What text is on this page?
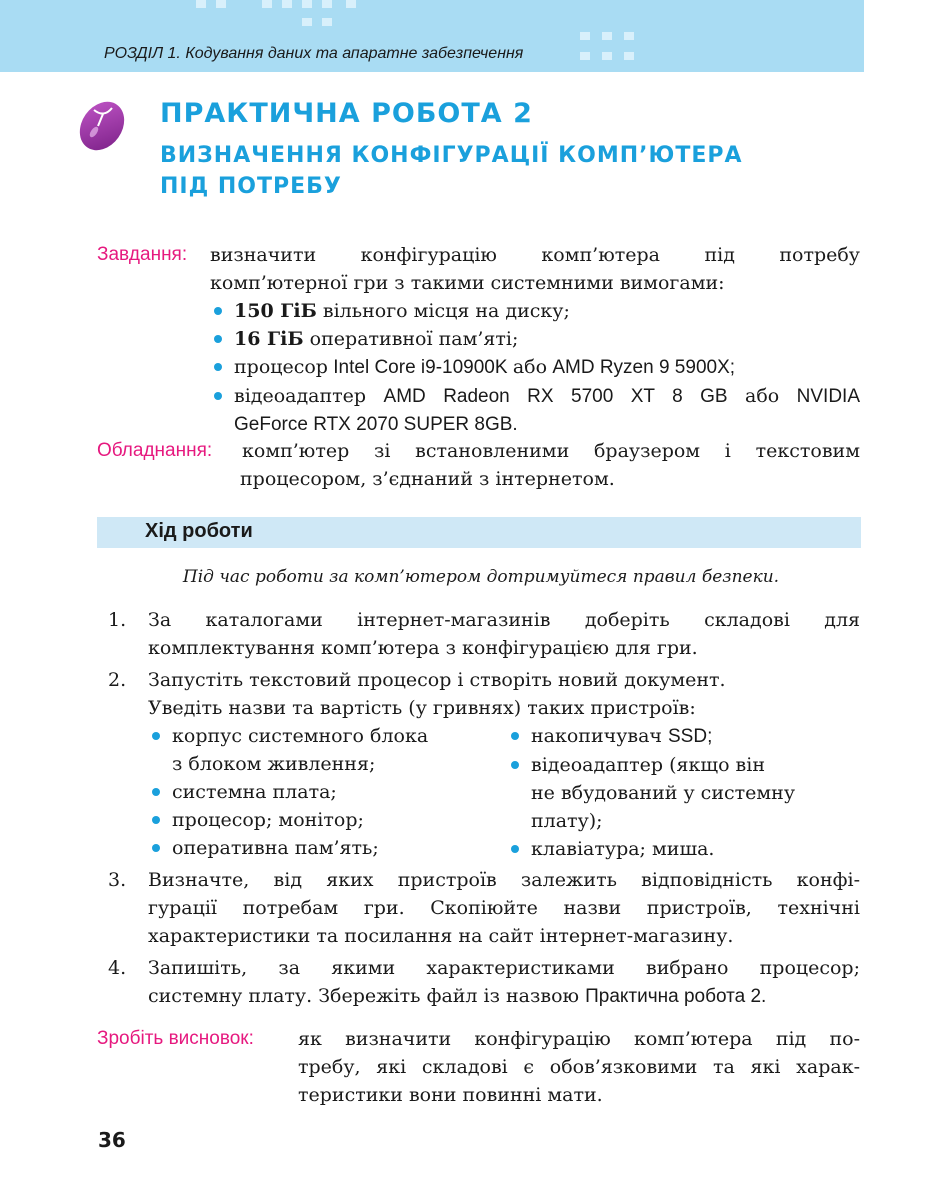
РОЗДІЛ 1. Кодування даних та апаратне забезпечення
ПРАКТИЧНА РОБОТА 2
ВИЗНАЧЕННЯ КОНФІГУРАЦІЇ КОМП’ЮТЕРА
ПІД ПОТРЕБУ
Завдання: визначити конфігурацію комп’ютера під потребу
комп’ютерної гри з такими системними вимогами:
150 ГіБ вільного місця на диску;
16 ГіБ оперативної пам’яті;
процесор Intel Core i9-10900K або AMD Ryzen 9 5900X;
відеоадаптер AMD Radeon RX 5700 XT 8 GB або NVIDIA
GeForce RTX 2070 SUPER 8GB.
Обладнання: комп’ютер зі встановленими браузером і текстовим
процесором, з’єднаний з інтернетом.
Хід роботи
Під час роботи за комп’ютером дотримуйтеся правил безпеки.
1. За каталогами інтернет-магазинів доберіть складові для
комплектування комп’ютера з конфігурацією для гри.
2. Запустіть текстовий процесор і створіть новий документ.
Уведіть назви та вартість (у гривнях) таких пристроїв:
корпус системного блока
з блоком живлення;
системна плата;
процесор; монітор;
оперативна пам’ять;
накопичувач SSD;
відеоадаптер (якщо він
не вбудований у системну
плату);
клавіатура; миша.
3. Визначте, від яких пристроїв залежить відповідність конфі-
гурації потребам гри. Скопіюйте назви пристроїв, технічні
характеристики та посилання на сайт інтернет-магазину.
4. Запишіть, за якими характеристиками вибрано процесор;
системну плату. Збережіть файл із назвою Практична робота 2.
Зробіть висновок: як визначити конфігурацію комп’ютера під по-
требу, які складові є обов’язковими та які харак-
теристики вони повинні мати.
36
